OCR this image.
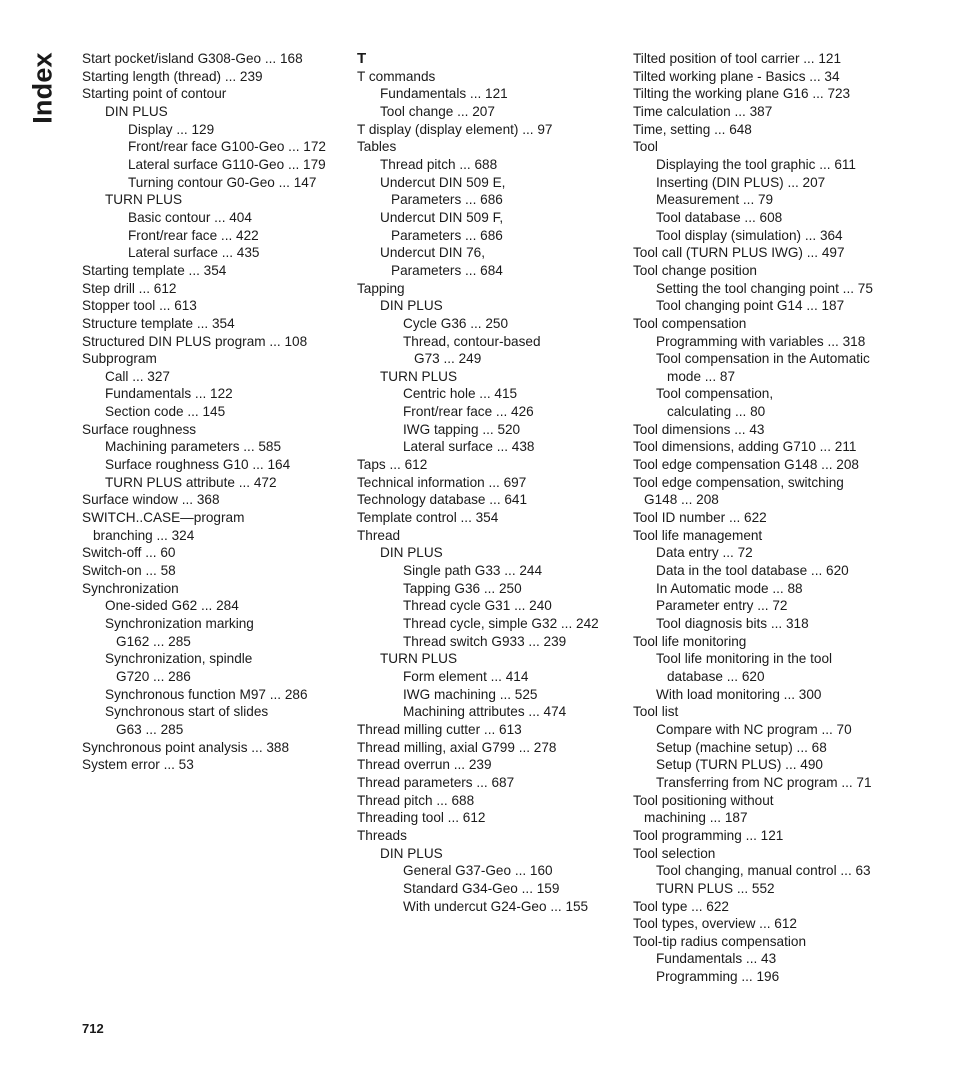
Index Start pocket/island G308-Geo ... 168
Starting length (thread) ... 239
Starting point of contour
DIN PLUS
Display ... 129
Front/rear face G100-Geo ... 172
Lateral surface G110-Geo ... 179
Turning contour G0-Geo ... 147
TURN PLUS
Basic contour ... 404
Front/rear face ... 422
Lateral surface ... 435
Starting template ... 354
Step drill ... 612
Stopper tool ... 613
Structure template ... 354
Structured DIN PLUS program ... 108
Subprogram
Call ... 327
Fundamentals ... 122
Section code ... 145
Surface roughness
Machining parameters ... 585
Surface roughness G10 ... 164
TURN PLUS attribute ... 472
Surface window ... 368
SWITCH..CASE—program
branching ... 324
Switch-off ... 60
Switch-on ... 58
Synchronization
One-sided G62 ... 284
Synchronization marking
G162 ... 285
Synchronization, spindle
G720 ... 286
Synchronous function M97 ... 286
Synchronous start of slides
G63 ... 285
Synchronous point analysis ... 388
System error ... 53
T
T commands
Fundamentals ... 121
Tool change ... 207
T display (display element) ... 97
Tables
Thread pitch ... 688
Undercut DIN 509 E,
Parameters ... 686
Undercut DIN 509 F,
Parameters ... 686
Undercut DIN 76,
Parameters ... 684
Tapping
DIN PLUS
Cycle G36 ... 250
Thread, contour-based
G73 ... 249
TURN PLUS
Centric hole ... 415
Front/rear face ... 426
IWG tapping ... 520
Lateral surface ... 438
Taps ... 612
Technical information ... 697
Technology database ... 641
Template control ... 354
Thread
DIN PLUS
Single path G33 ... 244
Tapping G36 ... 250
Thread cycle G31 ... 240
Thread cycle, simple G32 ... 242
Thread switch G933 ... 239
TURN PLUS
Form element ... 414
IWG machining ... 525
Machining attributes ... 474
Thread milling cutter ... 613
Thread milling, axial G799 ... 278
Thread overrun ... 239
Thread parameters ... 687
Thread pitch ... 688
Threading tool ... 612
Threads
DIN PLUS
General G37-Geo ... 160
Standard G34-Geo ... 159
With undercut G24-Geo ... 155
Tilted position of tool carrier ... 121
Tilted working plane - Basics ... 34
Tilting the working plane G16 ... 723
Time calculation ... 387
Time, setting ... 648
Tool
Displaying the tool graphic ... 611
Inserting (DIN PLUS) ... 207
Measurement ... 79
Tool database ... 608
Tool display (simulation) ... 364
Tool call (TURN PLUS IWG) ... 497
Tool change position
Setting the tool changing point ... 75
Tool changing point G14 ... 187
Tool compensation
Programming with variables ... 318
Tool compensation in the Automatic
mode ... 87
Tool compensation,
calculating ... 80
Tool dimensions ... 43
Tool dimensions, adding G710 ... 211
Tool edge compensation G148 ... 208
Tool edge compensation, switching
G148 ... 208
Tool ID number ... 622
Tool life management
Data entry ... 72
Data in the tool database ... 620
In Automatic mode ... 88
Parameter entry ... 72
Tool diagnosis bits ... 318
Tool life monitoring
Tool life monitoring in the tool
database ... 620
With load monitoring ... 300
Tool list
Compare with NC program ... 70
Setup (machine setup) ... 68
Setup (TURN PLUS) ... 490
Transferring from NC program ... 71
Tool positioning without
machining ... 187
Tool programming ... 121
Tool selection
Tool changing, manual control ... 63
TURN PLUS ... 552
Tool type ... 622
Tool types, overview ... 612
Tool-tip radius compensation
Fundamentals ... 43
Programming ... 196
712
